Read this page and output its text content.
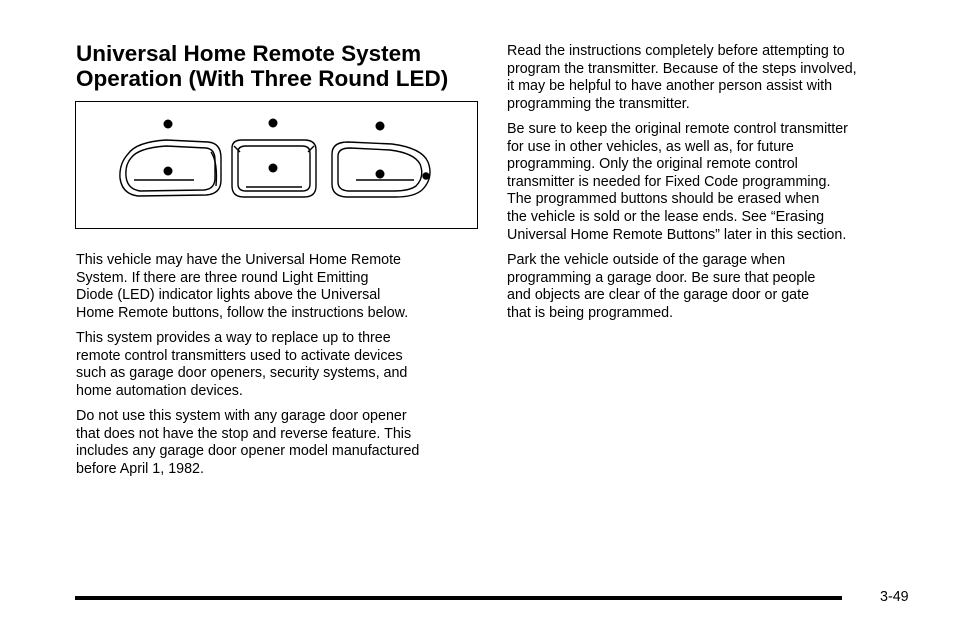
Universal Home Remote System
Operation (With Three Round LED)

This vehicle may have the Universal Home Remote
System. If there are three round Light Emitting
Diode (LED) indicator lights above the Universal
Home Remote buttons, follow the instructions below.

This system provides a way to replace up to three
remote control transmitters used to activate devices
such as garage door openers, security systems, and
home automation devices.

Do not use this system with any garage door opener
that does not have the stop and reverse feature. This
includes any garage door opener model manufactured
before April 1, 1982.

Read the instructions completely before attempting to
program the transmitter. Because of the steps involved,
it may be helpful to have another person assist with
programming the transmitter.

Be sure to keep the original remote control transmitter
for use in other vehicles, as well as, for future
programming. Only the original remote control
transmitter is needed for Fixed Code programming.
The programmed buttons should be erased when
the vehicle is sold or the lease ends. See “Erasing
Universal Home Remote Buttons” later in this section.

Park the vehicle outside of the garage when
programming a garage door. Be sure that people
and objects are clear of the garage door or gate
that is being programmed.

3-49
